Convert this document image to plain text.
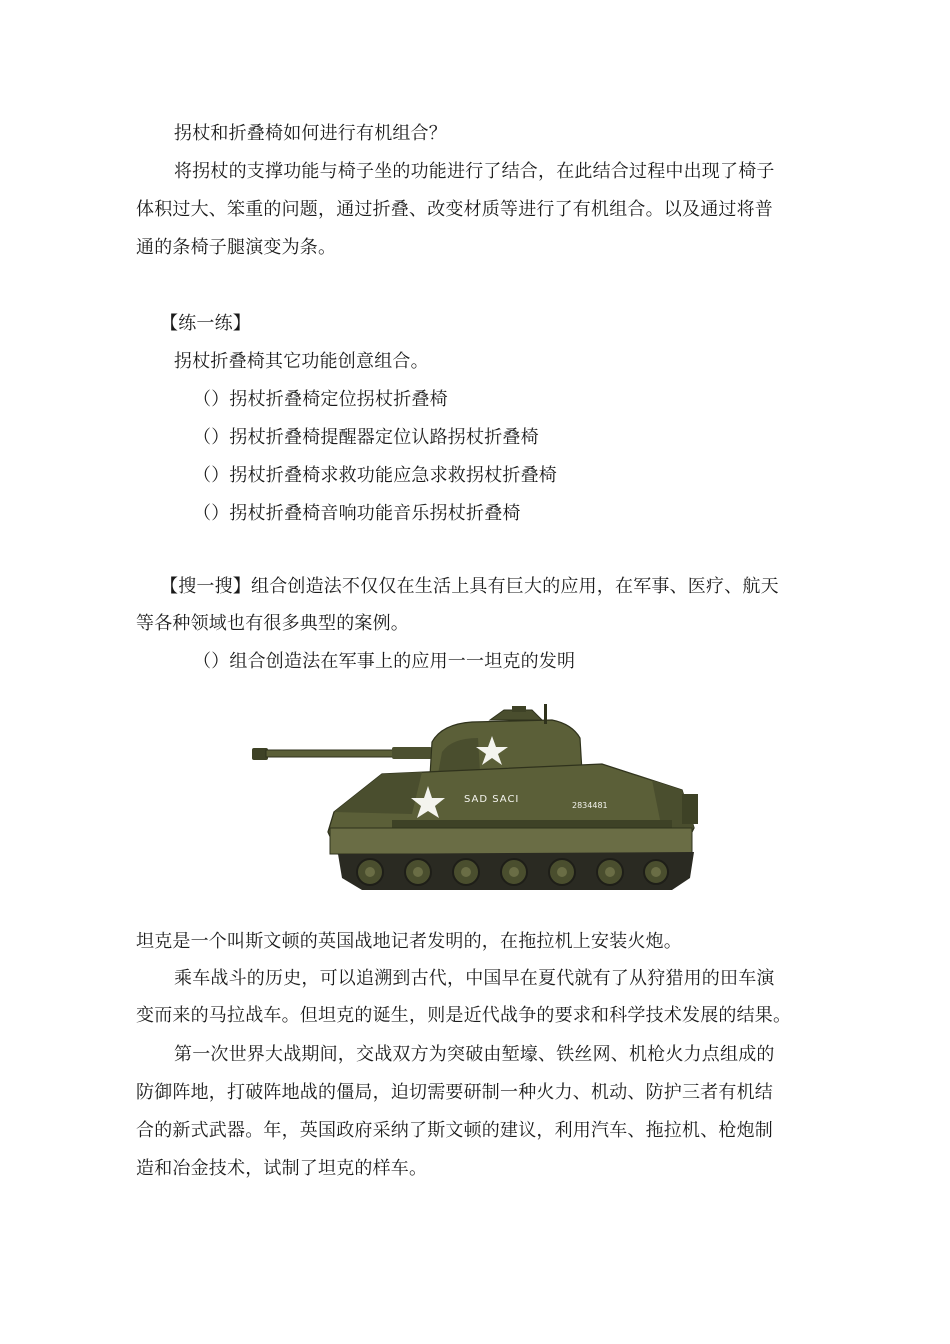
拐杖和折叠椅如何进行有机组合？
将拐杖的支撑功能与椅子坐的功能进行了结合，在此结合过程中出现了椅子
体积过大、笨重的问题，通过折叠、改变材质等进行了有机组合。以及通过将普
通的条椅子腿演变为条。
【练一练】
拐杖折叠椅其它功能创意组合。
（）拐杖折叠椅定位拐杖折叠椅
（）拐杖折叠椅提醒器定位认路拐杖折叠椅
（）拐杖折叠椅求救功能应急求救拐杖折叠椅
（）拐杖折叠椅音响功能音乐拐杖折叠椅
【搜一搜】组合创造法不仅仅在生活上具有巨大的应用，在军事、医疗、航天
等各种领域也有很多典型的案例。
（）组合创造法在军事上的应用一一坦克的发明
SAD SACI
2834481
坦克是一个叫斯文顿的英国战地记者发明的，在拖拉机上安装火炮。
乘车战斗的历史，可以追溯到古代，中国早在夏代就有了从狩猎用的田车演
变而来的马拉战车。但坦克的诞生，则是近代战争的要求和科学技术发展的结果。
第一次世界大战期间，交战双方为突破由堑壕、铁丝网、机枪火力点组成的
防御阵地，打破阵地战的僵局，迫切需要研制一种火力、机动、防护三者有机结
合的新式武器。年，英国政府采纳了斯文顿的建议，利用汽车、拖拉机、枪炮制
造和冶金技术，试制了坦克的样车。
